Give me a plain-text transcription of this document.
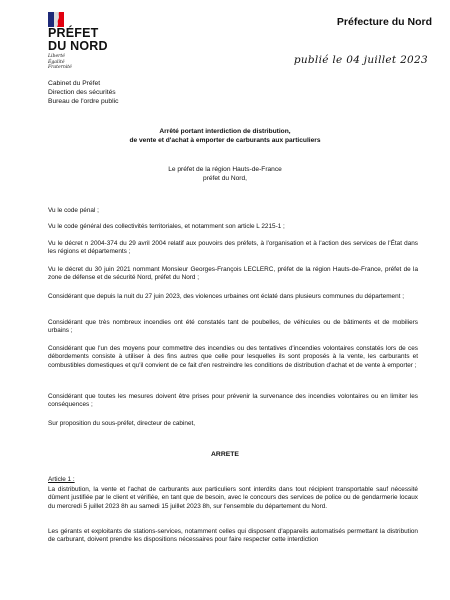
PRÉFET
DU NORD
Liberté
Égalité
Fraternité
Préfecture du Nord
publié le 04 juillet 2023
Cabinet du Préfet
Direction des sécurités
Bureau de l'ordre public
Arrêté portant interdiction de distribution,
de vente et d'achat à emporter de carburants aux particuliers
Le préfet de la région Hauts-de-France
préfet du Nord,

Vu le code pénal ;

Vu le code général des collectivités territoriales, et notamment son article L 2215-1 ;

Vu le décret n 2004-374 du 29 avril 2004 relatif aux pouvoirs des préfets, à l'organisation et à l'action des services de l'État dans les régions et départements ;

Vu le décret du 30 juin 2021 nommant Monsieur Georges-François LECLERC, préfet de la région Hauts-de-France, préfet de la zone de défense et de sécurité Nord, préfet du Nord ;

Considérant que depuis la nuit du 27 juin 2023, des violences urbaines ont éclaté dans plusieurs communes du département ;

Considérant que très nombreux incendies ont été constatés tant de poubelles, de véhicules ou de bâtiments et de mobiliers urbains ;

Considérant que l'un des moyens pour commettre des incendies ou des tentatives d'incendies volontaires constatés lors de ces débordements consiste à utiliser à des fins autres que celle pour lesquelles ils sont proposés à la vente, les carburants et combustibles domestiques et qu'il convient de ce fait d'en restreindre les conditions de distribution d'achat et de vente à emporter ;

Considérant que toutes les mesures doivent être prises pour prévenir la survenance des incendies volontaires ou en limiter les conséquences ;

Sur proposition du sous-préfet, directeur de cabinet,

ARRETE
Article 1 :

La distribution, la vente et l'achat de carburants aux particuliers sont interdits dans tout récipient transportable sauf nécessité dûment justifiée par le client et vérifiée, en tant que de besoin, avec le concours des services de police ou de gendarmerie locaux du mercredi 5 juillet 2023 8h au samedi 15 juillet 2023 8h, sur l'ensemble du département du Nord.

Les gérants et exploitants de stations-services, notamment celles qui disposent d'appareils automatisés permettant la distribution de carburant, doivent prendre les dispositions nécessaires pour faire respecter cette interdiction
